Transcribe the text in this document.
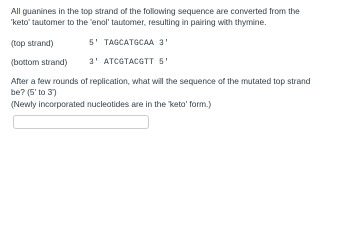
All guanines in the top strand of the following sequence are converted from the
'keto' tautomer to the 'enol' tautomer, resulting in pairing with thymine.
(top strand)	5' TAGCATGCAA 3'
(bottom strand)	3' ATCGTACGTT 5'
After a few rounds of replication, what will the sequence of the mutated top strand
be? (5' to 3')
(Newly incorporated nucleotides are in the 'keto' form.)
